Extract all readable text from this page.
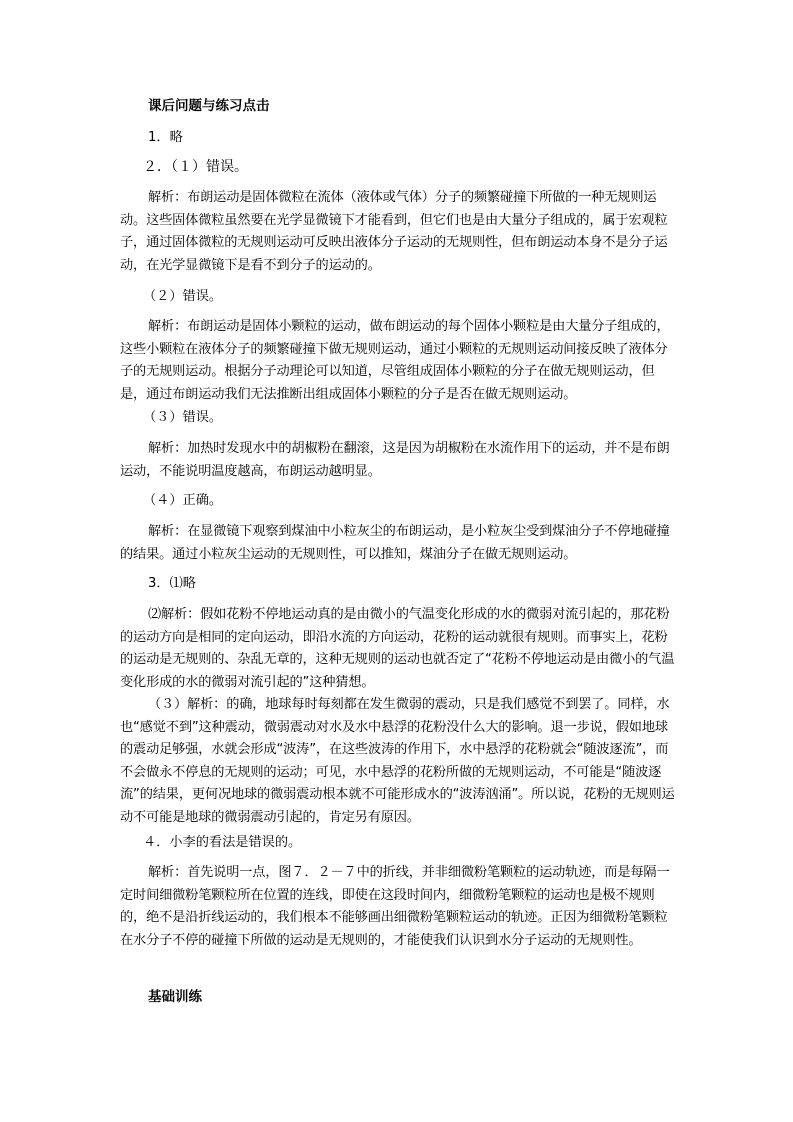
课后问题与练习点击
1．略
２．（１）错误。
解析：布朗运动是固体微粒在流体（液体或气体）分子的频繁碰撞下所做的一种无规则运动。这些固体微粒虽然要在光学显微镜下才能看到，但它们也是由大量分子组成的，属于宏观粒子，通过固体微粒的无规则运动可反映出液体分子运动的无规则性，但布朗运动本身不是分子运动，在光学显微镜下是看不到分子的运动的。
（２）错误。
解析：布朗运动是固体小颗粒的运动，做布朗运动的每个固体小颗粒是由大量分子组成的，这些小颗粒在液体分子的频繁碰撞下做无规则运动，通过小颗粒的无规则运动间接反映了液体分子的无规则运动。根据分子动理论可以知道，尽管组成固体小颗粒的分子在做无规则运动，但是，通过布朗运动我们无法推断出组成固体小颗粒的分子是否在做无规则运动。
（３）错误。
解析：加热时发现水中的胡椒粉在翻滚，这是因为胡椒粉在水流作用下的运动，并不是布朗运动，不能说明温度越高，布朗运动越明显。
（４）正确。
解析：在显微镜下观察到煤油中小粒灰尘的布朗运动，是小粒灰尘受到煤油分子不停地碰撞的结果。通过小粒灰尘运动的无规则性，可以推知，煤油分子在做无规则运动。
3．⑴略
⑵解析：假如花粉不停地运动真的是由微小的气温变化形成的水的微弱对流引起的，那花粉的运动方向是相同的定向运动，即沿水流的方向运动，花粉的运动就很有规则。而事实上，花粉的运动是无规则的、杂乱无章的，这种无规则的运动也就否定了“花粉不停地运动是由微小的气温变化形成的水的微弱对流引起的”这种猜想。
（３）解析：的确，地球每时每刻都在发生微弱的震动，只是我们感觉不到罢了。同样，水也“感觉不到”这种震动，微弱震动对水及水中悬浮的花粉没什么大的影响。退一步说，假如地球的震动足够强，水就会形成“波涛”，在这些波涛的作用下，水中悬浮的花粉就会“随波逐流”，而不会做永不停息的无规则的运动；可见，水中悬浮的花粉所做的无规则运动，不可能是“随波逐流”的结果，更何况地球的微弱震动根本就不可能形成水的“波涛汹涌”。所以说，花粉的无规则运动不可能是地球的微弱震动引起的，肯定另有原因。
４．小李的看法是错误的。
解析：首先说明一点，图７．２－７中的折线，并非细微粉笔颗粒的运动轨迹，而是每隔一定时间细微粉笔颗粒所在位置的连线，即使在这段时间内，细微粉笔颗粒的运动也是极不规则的，绝不是沿折线运动的，我们根本不能够画出细微粉笔颗粒运动的轨迹。正因为细微粉笔颗粒在水分子不停的碰撞下所做的运动是无规则的，才能使我们认识到水分子运动的无规则性。
基础训练
